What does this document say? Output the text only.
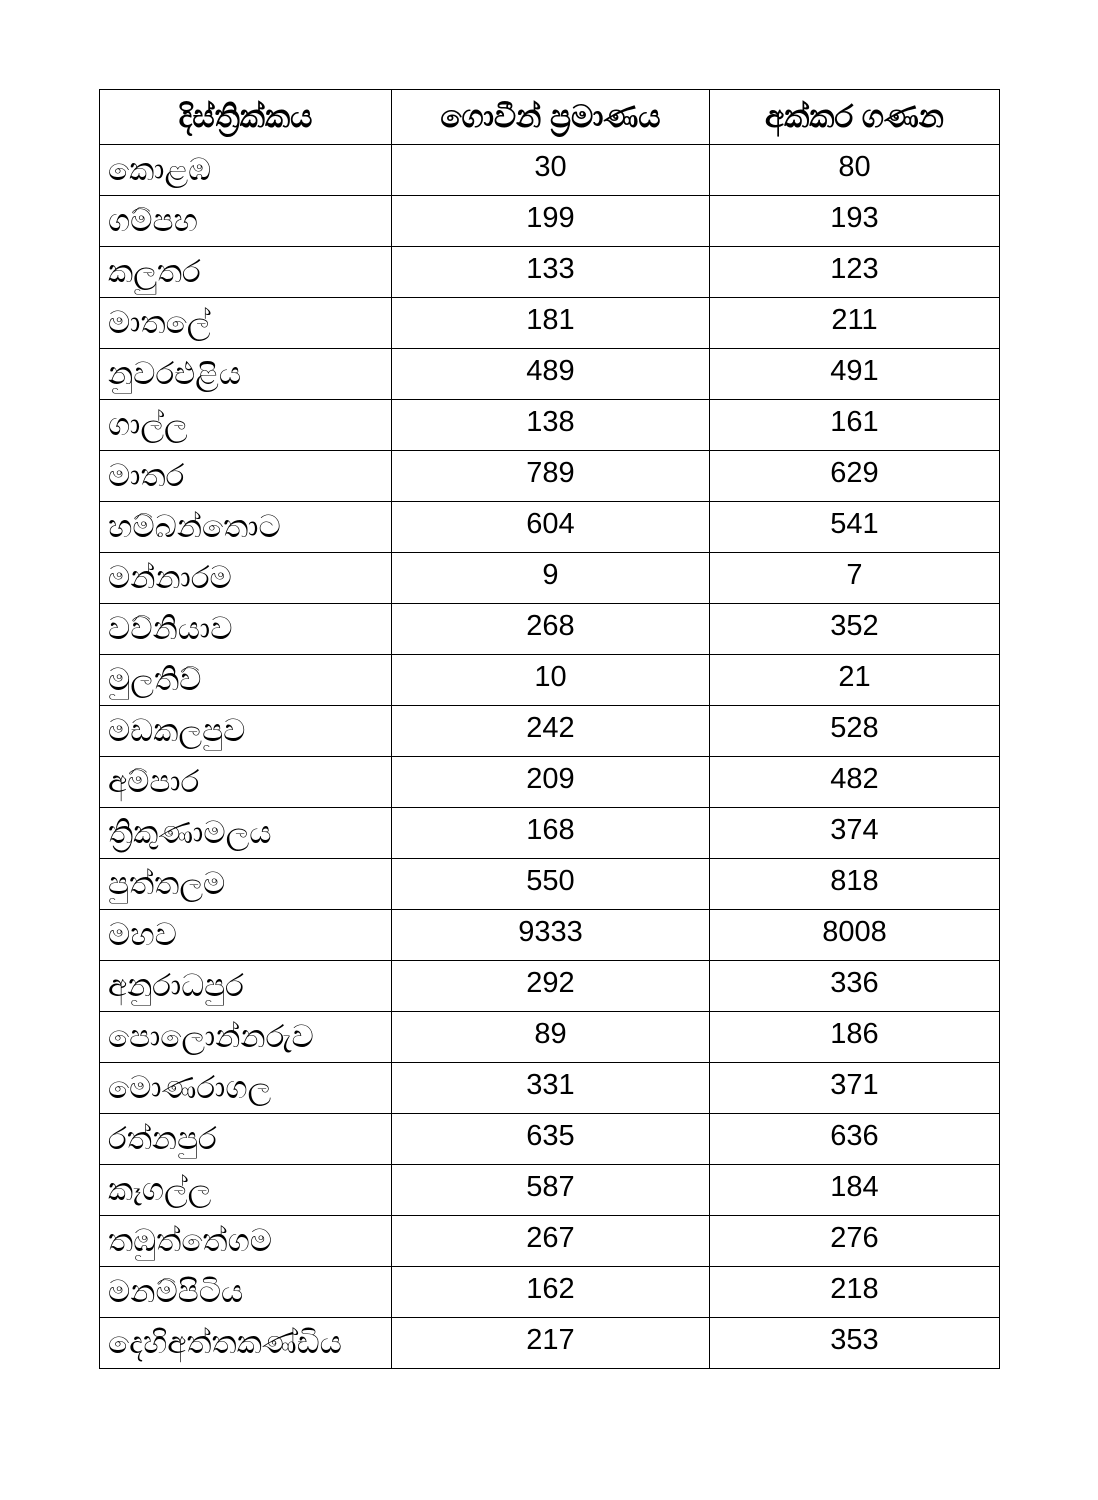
දිස්ත්‍රික්කය	ගොවීන් ප්‍රමාණය	අක්කර ගණන
කොළඹ	30	80
ගම්පහ	199	193
කලුතර	133	123
මාතලේ	181	211
නුවරඑළිය	489	491
ගාල්ල	138	161
මාතර	789	629
හම්බන්තොට	604	541
මන්නාරම	9	7
වව්නියාව	268	352
මුලතිව්	10	21
මඩකලපුව	242	528
අම්පාර	209	482
ත්‍රිකුණාමලය	168	374
පුත්තලම	550	818
මහව	9333	8008
අනුරාධපුර	292	336
පොලොන්නරුව	89	186
මොණරාගල	331	371
රත්නපුර	635	636
කෑගල්ල	587	184
තඹුත්තේගම	267	276
මනම්පිටිය	162	218
දෙහිඅත්තකණ්ඩිය	217	353
